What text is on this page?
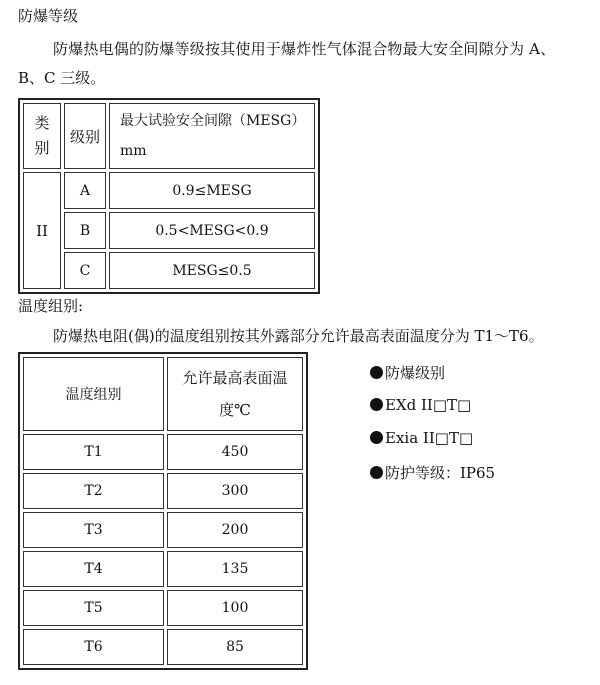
防爆等级
防爆热电偶的防爆等级按其使用于爆炸性气体混合物最大安全间隙分为 A、
B、C 三级。
类
别	级别	最大试验安全间隙（MESG）
mm
II	A	0.9≤MESG
	B	0.5<MESG<0.9
	C	MESG≤0.5
温度组别:
防爆热电阻(偶)的温度组别按其外露部分允许最高表面温度分为 T1～T6。
温度组别	允许最高表面温
度℃
T1	450
T2	300
T3	200
T4	135
T5	100
T6	85
防爆级别
EXd II□T□
Exia II□T□
防护等级：IP65
